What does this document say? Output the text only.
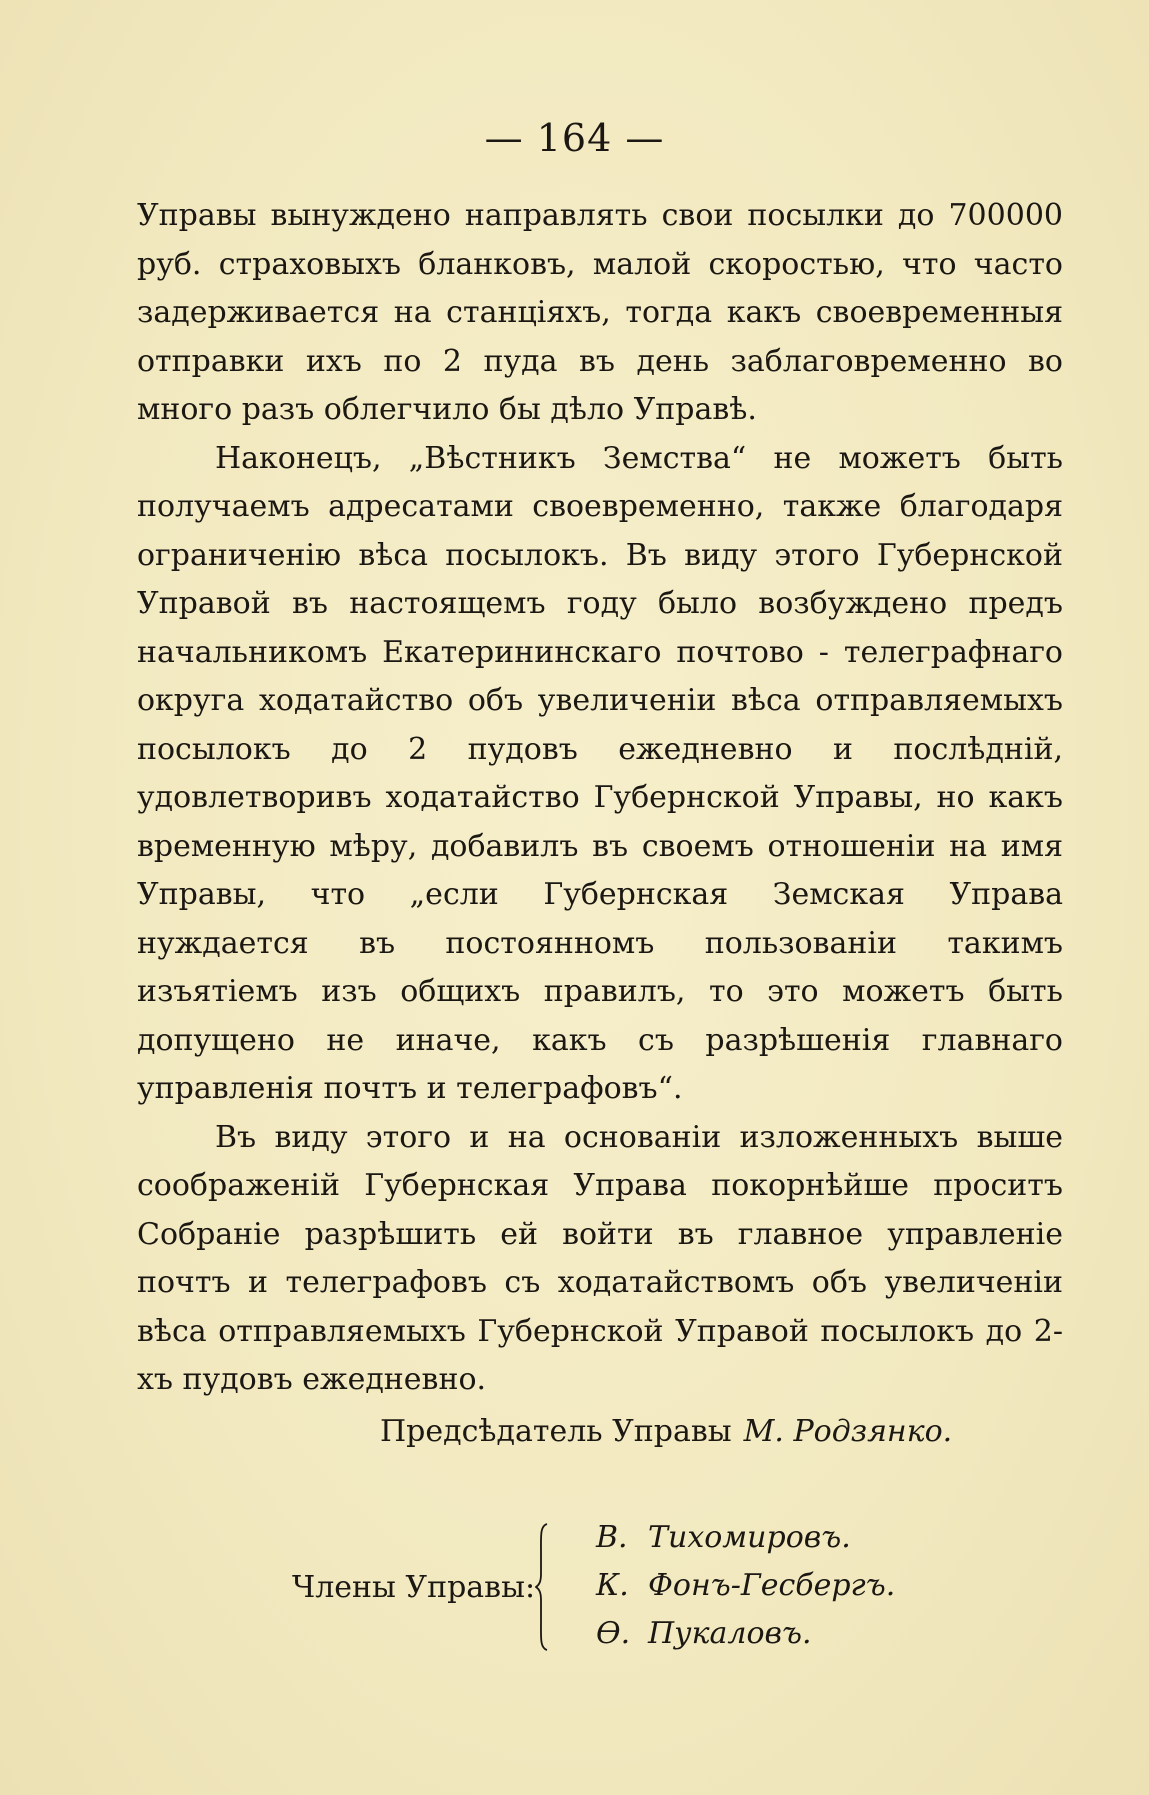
— 164 —

Управы вынуждено направлять свои посылки до 700000 руб. страховыхъ бланковъ, малой скоростью, что часто задерживается на станціяхъ, тогда какъ своевременныя отправки ихъ по 2 пуда въ день заблаговременно во много разъ облегчило бы дѣло Управѣ.

Наконецъ, „Вѣстникъ Земства“ не можетъ быть получаемъ адресатами своевременно, также благодаря ограниченію вѣса посылокъ. Въ виду этого Губернской Управой въ настоящемъ году было возбуждено предъ начальникомъ Екатерининскаго почтово - телеграфнаго округа ходатайство объ увеличеніи вѣса отправляемыхъ посылокъ до 2 пудовъ ежедневно и послѣдній, удовлетворивъ ходатайство Губернской Управы, но какъ временную мѣру, добавилъ въ своемъ отношеніи на имя Управы, что „если Губернская Земская Управа нуждается въ постоянномъ пользованіи такимъ изъятіемъ изъ общихъ правилъ, то это можетъ быть допущено не иначе, какъ съ разрѣшенія главнаго управленія почтъ и телеграфовъ“.

Въ виду этого и на основаніи изложенныхъ выше соображеній Губернская Управа покорнѣйше проситъ Собраніе разрѣшить ей войти въ главное управленіе почтъ и телеграфовъ съ ходатайствомъ объ увеличеніи вѣса отправляемыхъ Губернской Управой посылокъ до 2-хъ пудовъ ежедневно.

Предсѣдатель Управы М. Родзянко.
Члены Управы:
В. Тихомировъ.
К. Фонъ-Гесбергъ.
Ѳ. Пукаловъ.
